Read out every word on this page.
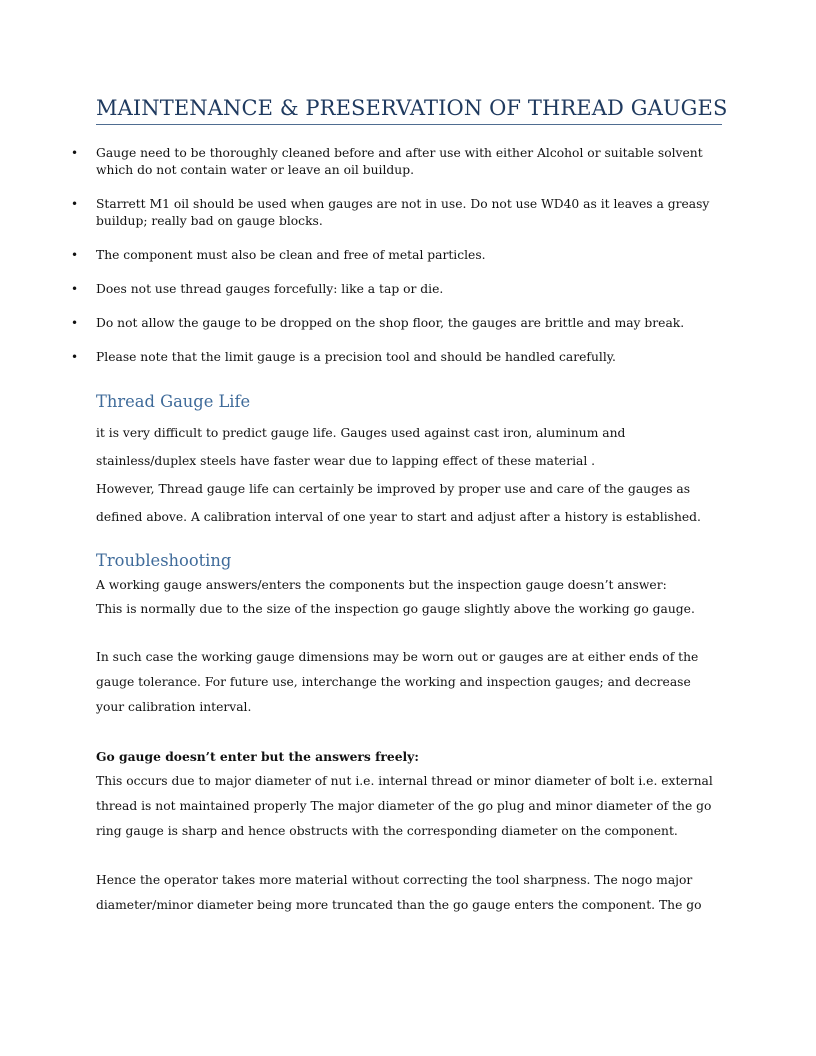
MAINTENANCE & PRESERVATION OF THREAD GAUGES
• Gauge need to be thoroughly cleaned before and after use with either Alcohol or suitable solvent which do not contain water or leave an oil buildup.
• Starrett M1 oil should be used when gauges are not in use. Do not use WD40 as it leaves a greasy buildup; really bad on gauge blocks.
• The component must also be clean and free of metal particles.
• Does not use thread gauges forcefully: like a tap or die.
• Do not allow the gauge to be dropped on the shop floor, the gauges are brittle and may break.
• Please note that the limit gauge is a precision tool and should be handled carefully.
Thread Gauge Life

it is very difficult to predict gauge life. Gauges used against cast iron, aluminum and stainless/duplex steels have faster wear due to lapping effect of these material .

However, Thread gauge life can certainly be improved by proper use and care of the gauges as defined above. A calibration interval of one year to start and adjust after a history is established.

Troubleshooting

A working gauge answers/enters the components but the inspection gauge doesn’t answer:

This is normally due to the size of the inspection go gauge slightly above the working go gauge.

In such case the working gauge dimensions may be worn out or gauges are at either ends of the gauge tolerance. For future use, interchange the working and inspection gauges; and decrease your calibration interval.

Go gauge doesn’t enter but the answers freely:

This occurs due to major diameter of nut i.e. internal thread or minor diameter of bolt i.e. external thread is not maintained properly The major diameter of the go plug and minor diameter of the go ring gauge is sharp and hence obstructs with the corresponding diameter on the component.

Hence the operator takes more material without correcting the tool sharpness. The nogo major diameter/minor diameter being more truncated than the go gauge enters the component. The go
